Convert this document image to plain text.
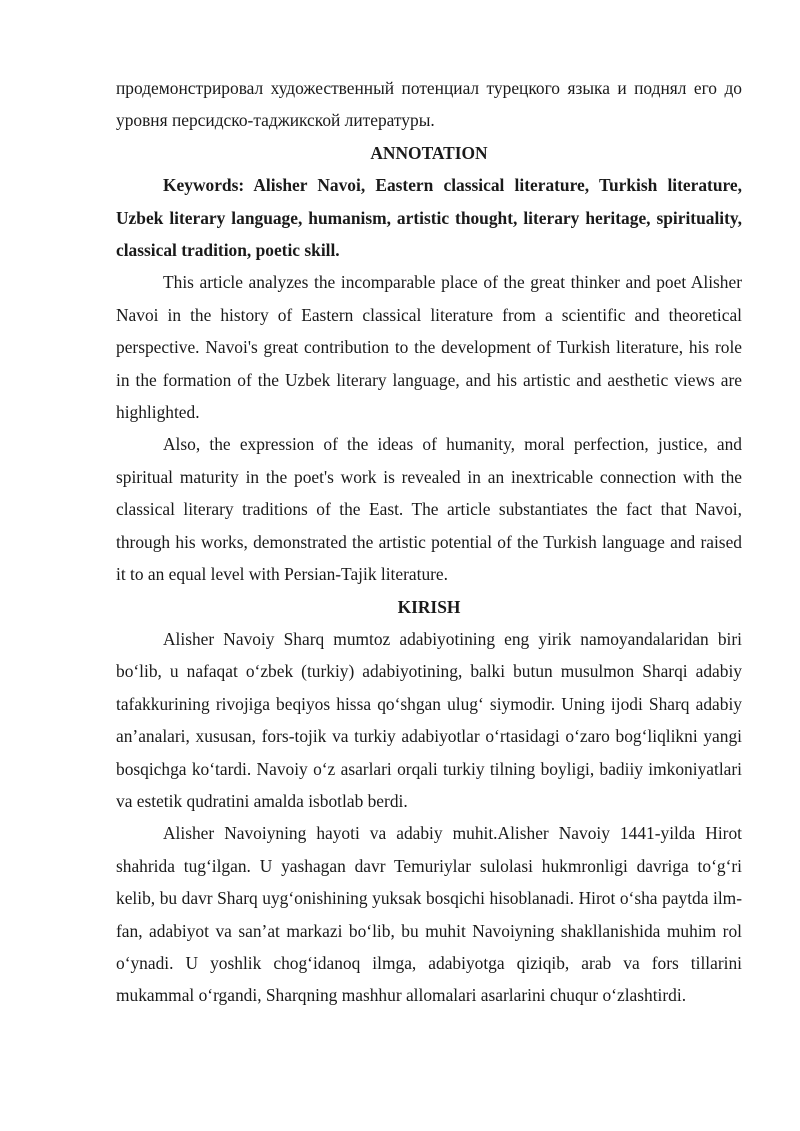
продемонстрировал художественный потенциал турецкого языка и поднял его до уровня персидско-таджикской литературы.

ANNOTATION

Keywords: Alisher Navoi, Eastern classical literature, Turkish literature, Uzbek literary language, humanism, artistic thought, literary heritage, spirituality, classical tradition, poetic skill.

This article analyzes the incomparable place of the great thinker and poet Alisher Navoi in the history of Eastern classical literature from a scientific and theoretical perspective. Navoi's great contribution to the development of Turkish literature, his role in the formation of the Uzbek literary language, and his artistic and aesthetic views are highlighted.

Also, the expression of the ideas of humanity, moral perfection, justice, and spiritual maturity in the poet's work is revealed in an inextricable connection with the classical literary traditions of the East. The article substantiates the fact that Navoi, through his works, demonstrated the artistic potential of the Turkish language and raised it to an equal level with Persian-Tajik literature.

KIRISH

Alisher Navoiy Sharq mumtoz adabiyotining eng yirik namoyandalaridan biri bo‘lib, u nafaqat o‘zbek (turkiy) adabiyotining, balki butun musulmon Sharqi adabiy tafakkurining rivojiga beqiyos hissa qo‘shgan ulug‘ siymodir. Uning ijodi Sharq adabiy an’analari, xususan, fors-tojik va turkiy adabiyotlar o‘rtasidagi o‘zaro bog‘liqlikni yangi bosqichga ko‘tardi. Navoiy o‘z asarlari orqali turkiy tilning boyligi, badiiy imkoniyatlari va estetik qudratini amalda isbotlab berdi.

Alisher Navoiyning hayoti va adabiy muhit.Alisher Navoiy 1441-yilda Hirot shahrida tug‘ilgan. U yashagan davr Temuriylar sulolasi hukmronligi davriga to‘g‘ri kelib, bu davr Sharq uyg‘onishining yuksak bosqichi hisoblanadi. Hirot o‘sha paytda ilm-fan, adabiyot va san’at markazi bo‘lib, bu muhit Navoiyning shakllanishida muhim rol o‘ynadi. U yoshlik chog‘idanoq ilmga, adabiyotga qiziqib, arab va fors tillarini mukammal o‘rgandi, Sharqning mashhur allomalari asarlarini chuqur o‘zlashtirdi.
